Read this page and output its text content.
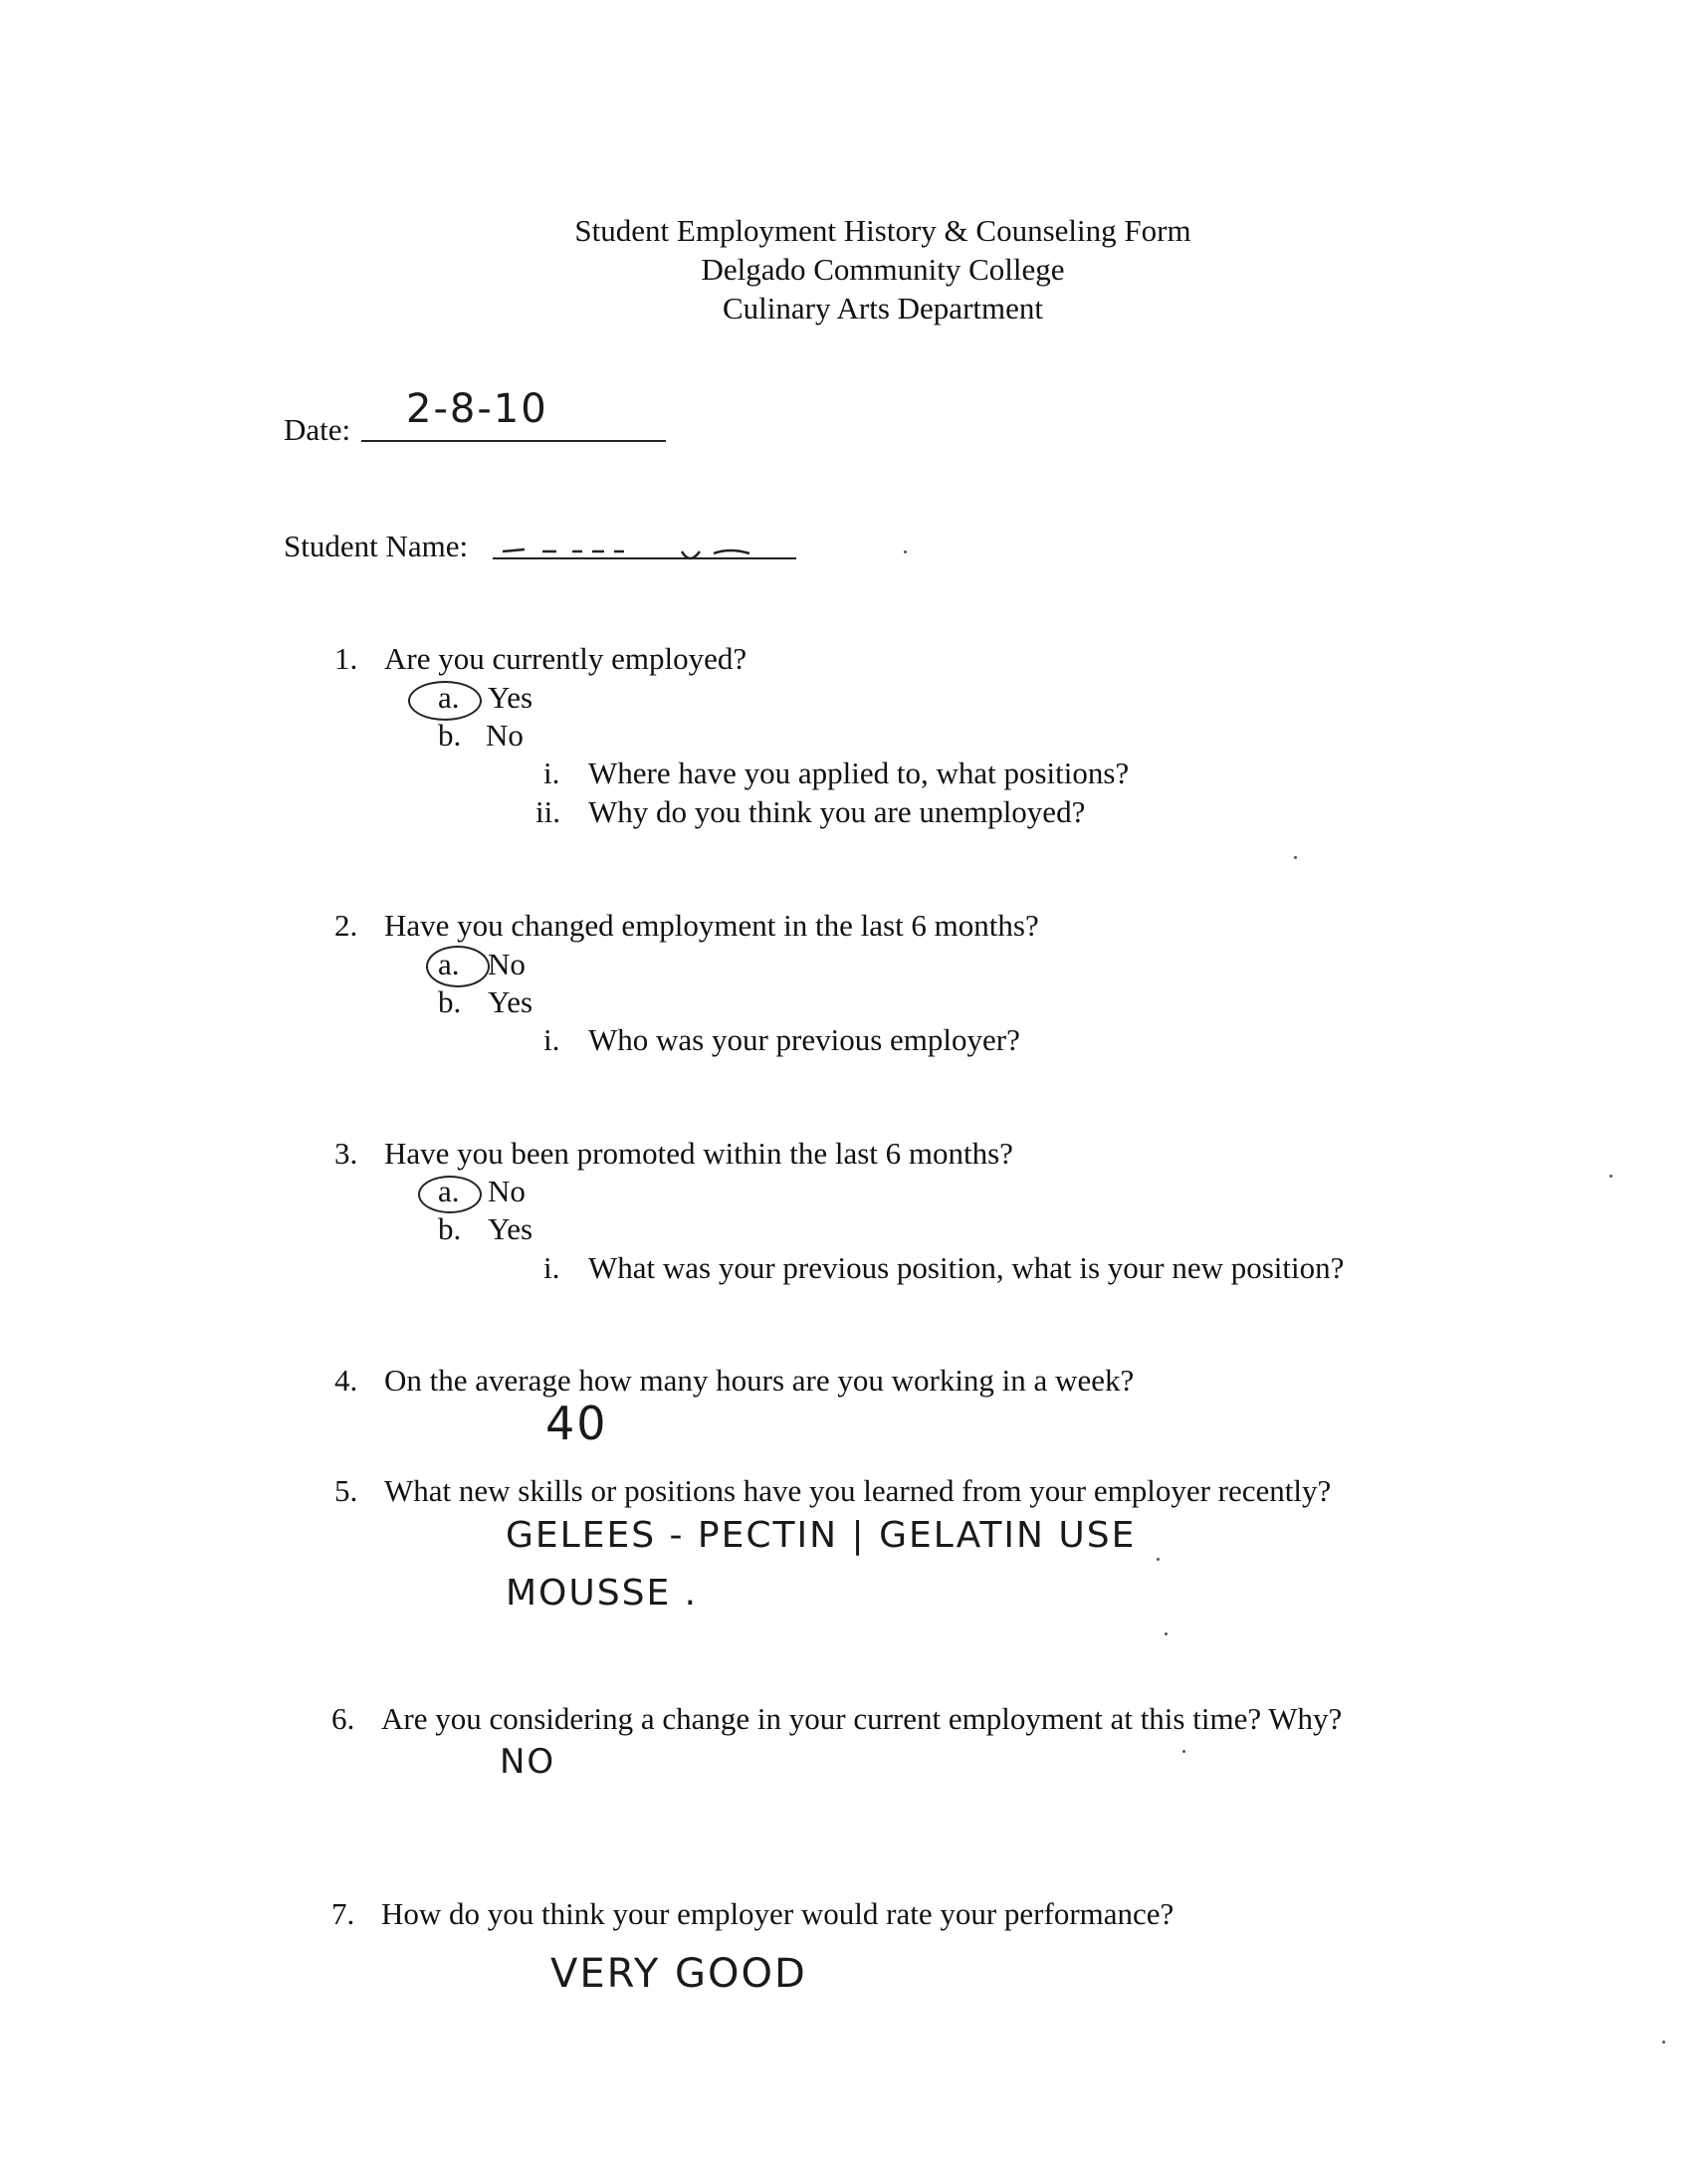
Student Employment History & Counseling Form
Delgado Community College
Culinary Arts Department
Date: 2-8-10
Student Name:
1. Are you currently employed?
a. Yes
b. No
i. Where have you applied to, what positions?
ii. Why do you think you are unemployed?
2. Have you changed employment in the last 6 months?
a. No
b. Yes
i. Who was your previous employer?
3. Have you been promoted within the last 6 months?
a. No
b. Yes
i. What was your previous position, what is your new position?
4. On the average how many hours are you working in a week?
40
5. What new skills or positions have you learned from your employer recently?
GELEES - PECTIN | GELATIN USE
MOUSSE .
6. Are you considering a change in your current employment at this time? Why?
NO
7. How do you think your employer would rate your performance?
VERY GOOD
